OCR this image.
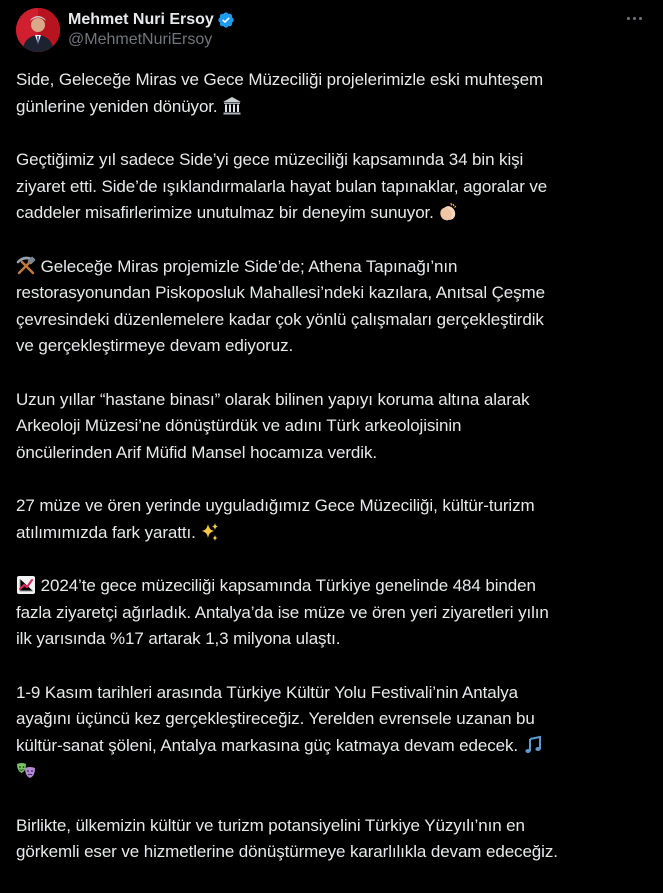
Mehmet Nuri Ersoy
@MehmetNuriErsoy
Side, Geleceğe Miras ve Gece Müzeciliği projelerimizle eski muhteşem
günlerine yeniden dönüyor.
Geçtiğimiz yıl sadece Side’yi gece müzeciliği kapsamında 34 bin kişi
ziyaret etti. Side’de ışıklandırmalarla hayat bulan tapınaklar, agoralar ve
caddeler misafirlerimize unutulmaz bir deneyim sunuyor.
Geleceğe Miras projemizle Side’de; Athena Tapınağı’nın
restorasyonundan Piskoposluk Mahallesi’ndeki kazılara, Anıtsal Çeşme
çevresindeki düzenlemelere kadar çok yönlü çalışmaları gerçekleştirdik
ve gerçekleştirmeye devam ediyoruz.
Uzun yıllar “hastane binası” olarak bilinen yapıyı koruma altına alarak
Arkeoloji Müzesi’ne dönüştürdük ve adını Türk arkeolojisinin
öncülerinden Arif Müfid Mansel hocamıza verdik.
27 müze ve ören yerinde uyguladığımız Gece Müzeciliği, kültür-turizm
atılımımızda fark yarattı.
2024’te gece müzeciliği kapsamında Türkiye genelinde 484 binden
fazla ziyaretçi ağırladık. Antalya’da ise müze ve ören yeri ziyaretleri yılın
ilk yarısında %17 artarak 1,3 milyona ulaştı.
1-9 Kasım tarihleri arasında Türkiye Kültür Yolu Festivali’nin Antalya
ayağını üçüncü kez gerçekleştireceğiz. Yerelden evrensele uzanan bu
kültür-sanat şöleni, Antalya markasına güç katmaya devam edecek.
Birlikte, ülkemizin kültür ve turizm potansiyelini Türkiye Yüzyılı’nın en
görkemli eser ve hizmetlerine dönüştürmeye kararlılıkla devam edeceğiz.
